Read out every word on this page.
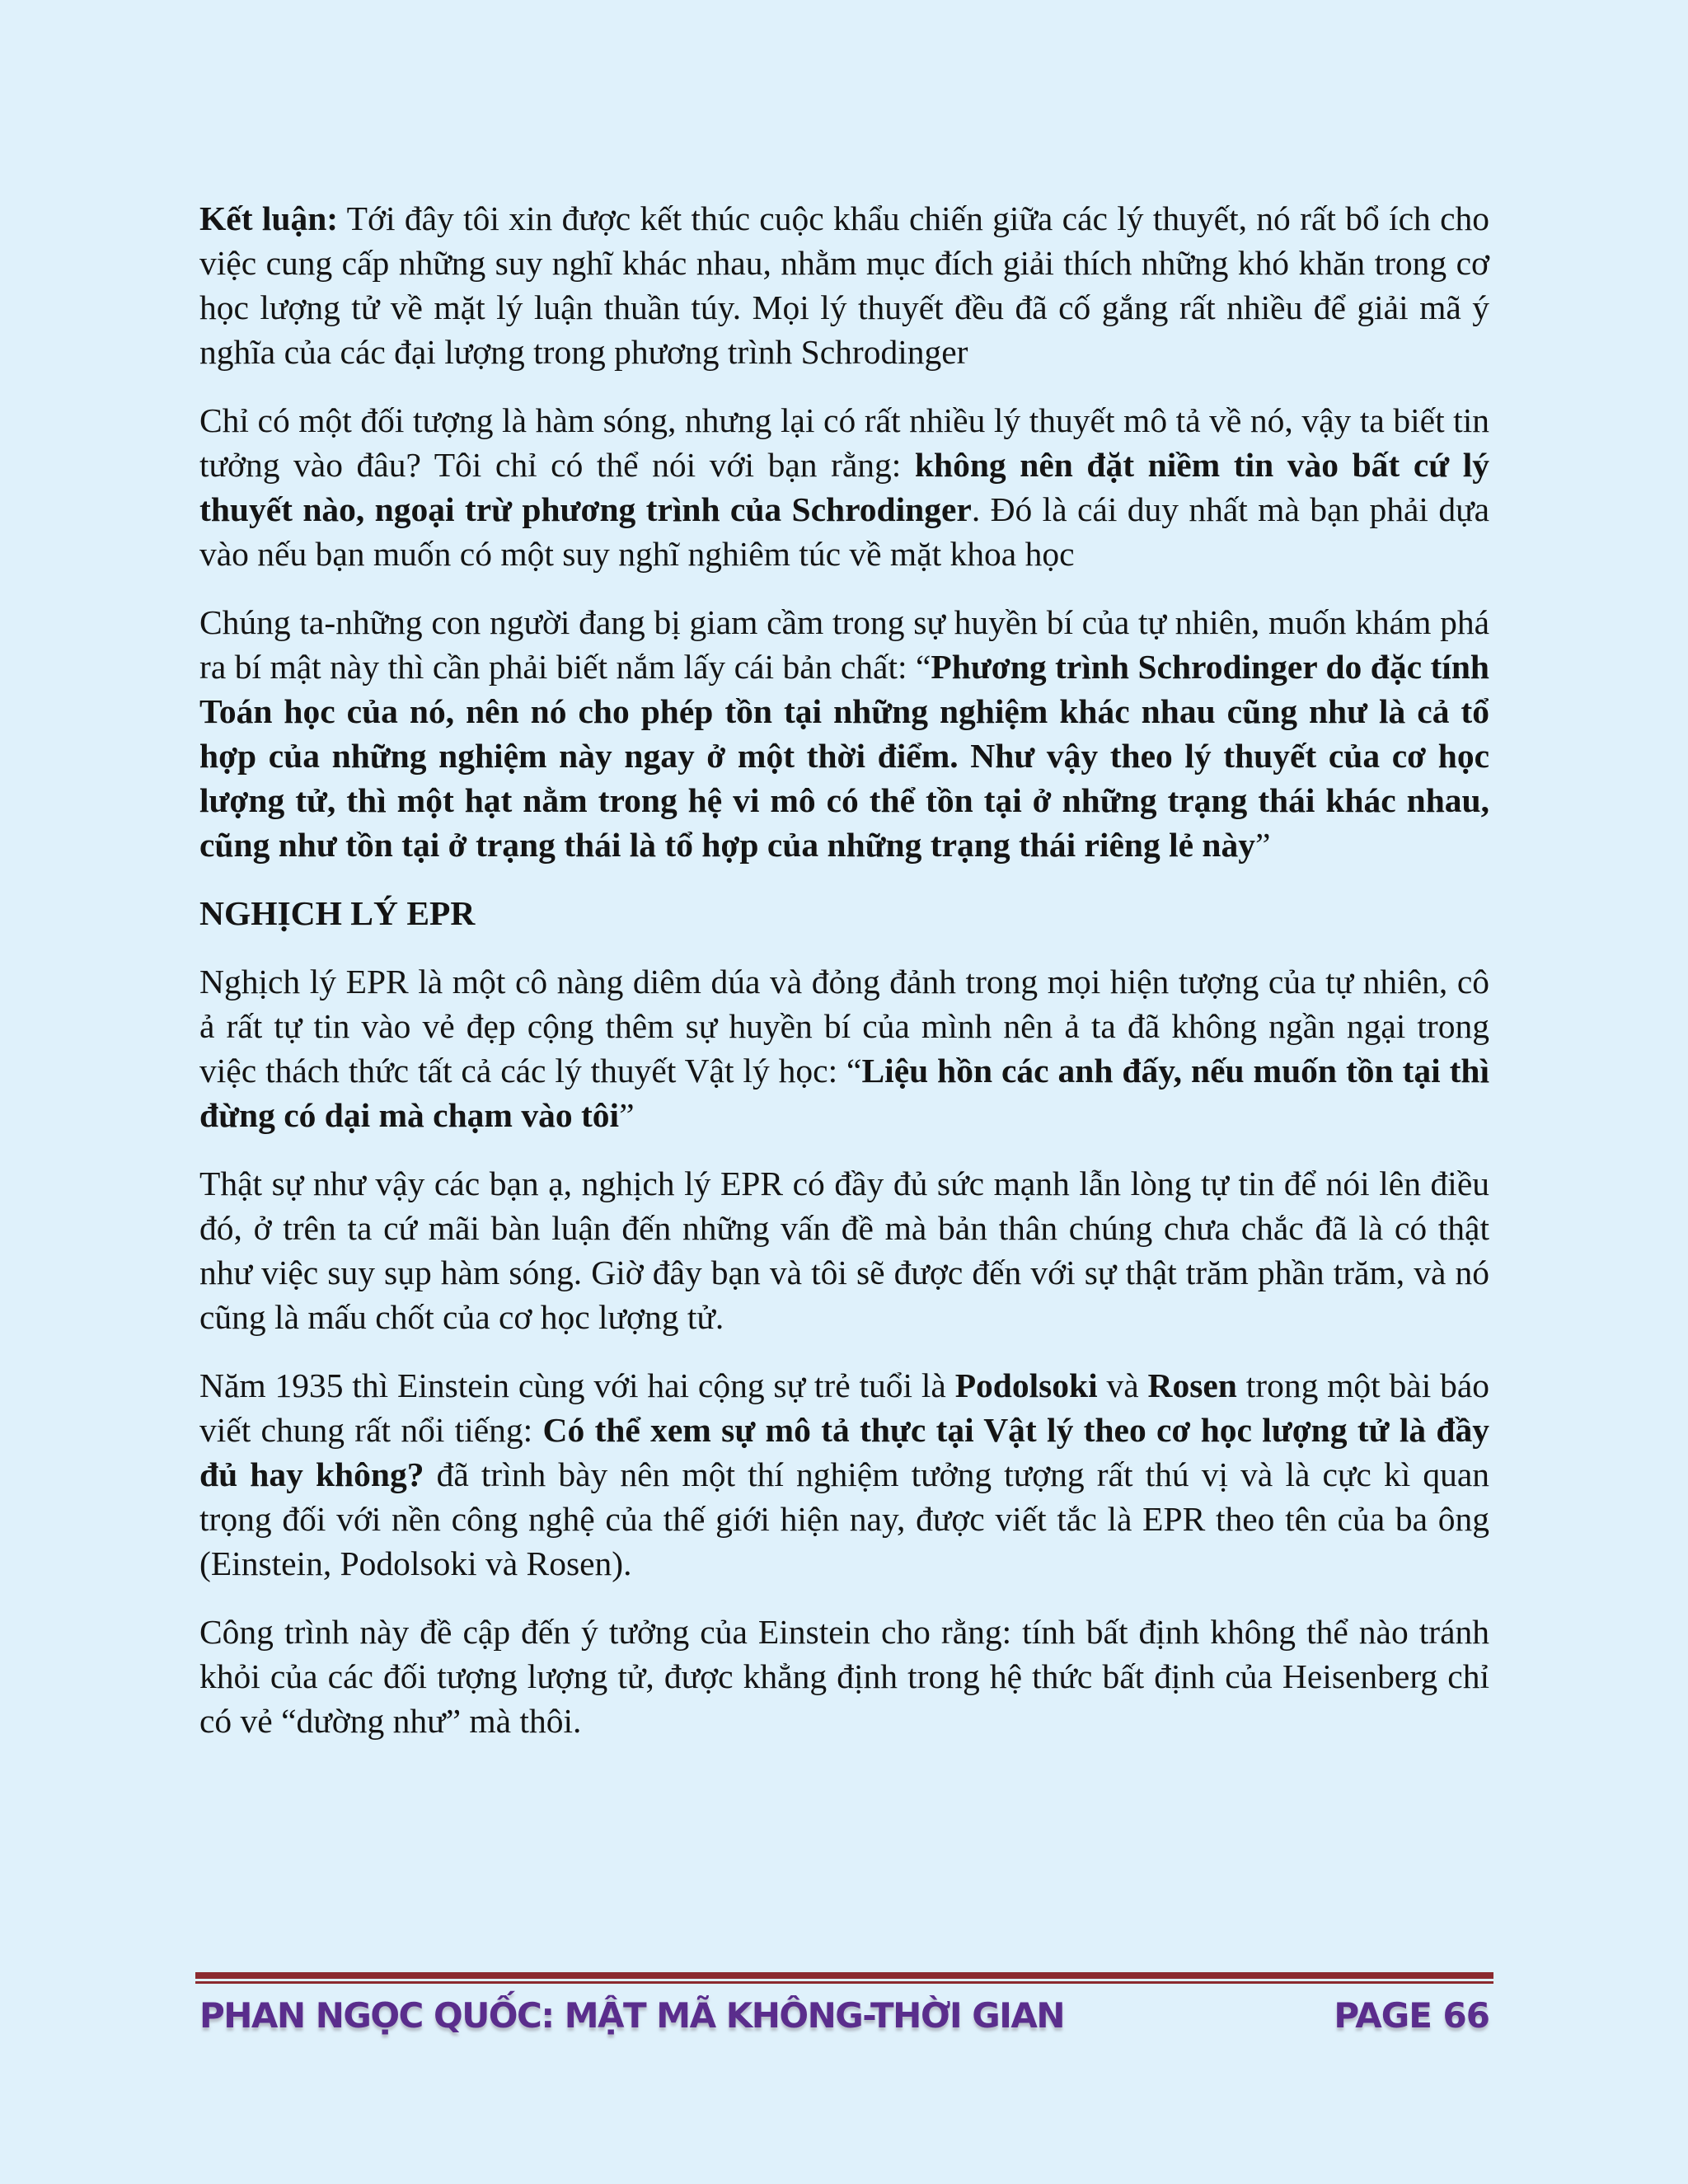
Kết luận: Tới đây tôi xin được kết thúc cuộc khẩu chiến giữa các lý thuyết, nó rất bổ ích cho việc cung cấp những suy nghĩ khác nhau, nhằm mục đích giải thích những khó khăn trong cơ học lượng tử về mặt lý luận thuần túy. Mọi lý thuyết đều đã cố gắng rất nhiều để giải mã ý nghĩa của các đại lượng trong phương trình Schrodinger

Chỉ có một đối tượng là hàm sóng, nhưng lại có rất nhiều lý thuyết mô tả về nó, vậy ta biết tin tưởng vào đâu? Tôi chỉ có thể nói với bạn rằng: không nên đặt niềm tin vào bất cứ lý thuyết nào, ngoại trừ phương trình của Schrodinger. Đó là cái duy nhất mà bạn phải dựa vào nếu bạn muốn có một suy nghĩ nghiêm túc về mặt khoa học

Chúng ta-những con người đang bị giam cầm trong sự huyền bí của tự nhiên, muốn khám phá ra bí mật này thì cần phải biết nắm lấy cái bản chất: “Phương trình Schrodinger do đặc tính Toán học của nó, nên nó cho phép tồn tại những nghiệm khác nhau cũng như là cả tổ hợp của những nghiệm này ngay ở một thời điểm. Như vậy theo lý thuyết của cơ học lượng tử, thì một hạt nằm trong hệ vi mô có thể tồn tại ở những trạng thái khác nhau, cũng như tồn tại ở trạng thái là tổ hợp của những trạng thái riêng lẻ này”

NGHỊCH LÝ EPR

Nghịch lý EPR là một cô nàng diêm dúa và đỏng đảnh trong mọi hiện tượng của tự nhiên, cô ả rất tự tin vào vẻ đẹp cộng thêm sự huyền bí của mình nên ả ta đã không ngần ngại trong việc thách thức tất cả các lý thuyết Vật lý học: “Liệu hồn các anh đấy, nếu muốn tồn tại thì đừng có dại mà chạm vào tôi”

Thật sự như vậy các bạn ạ, nghịch lý EPR có đầy đủ sức mạnh lẫn lòng tự tin để nói lên điều đó, ở trên ta cứ mãi bàn luận đến những vấn đề mà bản thân chúng chưa chắc đã là có thật như việc suy sụp hàm sóng. Giờ đây bạn và tôi sẽ được đến với sự thật trăm phần trăm, và nó cũng là mấu chốt của cơ học lượng tử.

Năm 1935 thì Einstein cùng với hai cộng sự trẻ tuổi là Podolsoki và Rosen trong một bài báo viết chung rất nổi tiếng: Có thể xem sự mô tả thực tại Vật lý theo cơ học lượng tử là đầy đủ hay không? đã trình bày nên một thí nghiệm tưởng tượng rất thú vị và là cực kì quan trọng đối với nền công nghệ của thế giới hiện nay, được viết tắc là EPR theo tên của ba ông (Einstein, Podolsoki và Rosen).

Công trình này đề cập đến ý tưởng của Einstein cho rằng: tính bất định không thể nào tránh khỏi của các đối tượng lượng tử, được khẳng định trong hệ thức bất định của Heisenberg chỉ có vẻ “dường như” mà thôi.

PHAN NGỌC QUỐC: MẬT MÃ KHÔNG-THỜI GIAN	PAGE 66
